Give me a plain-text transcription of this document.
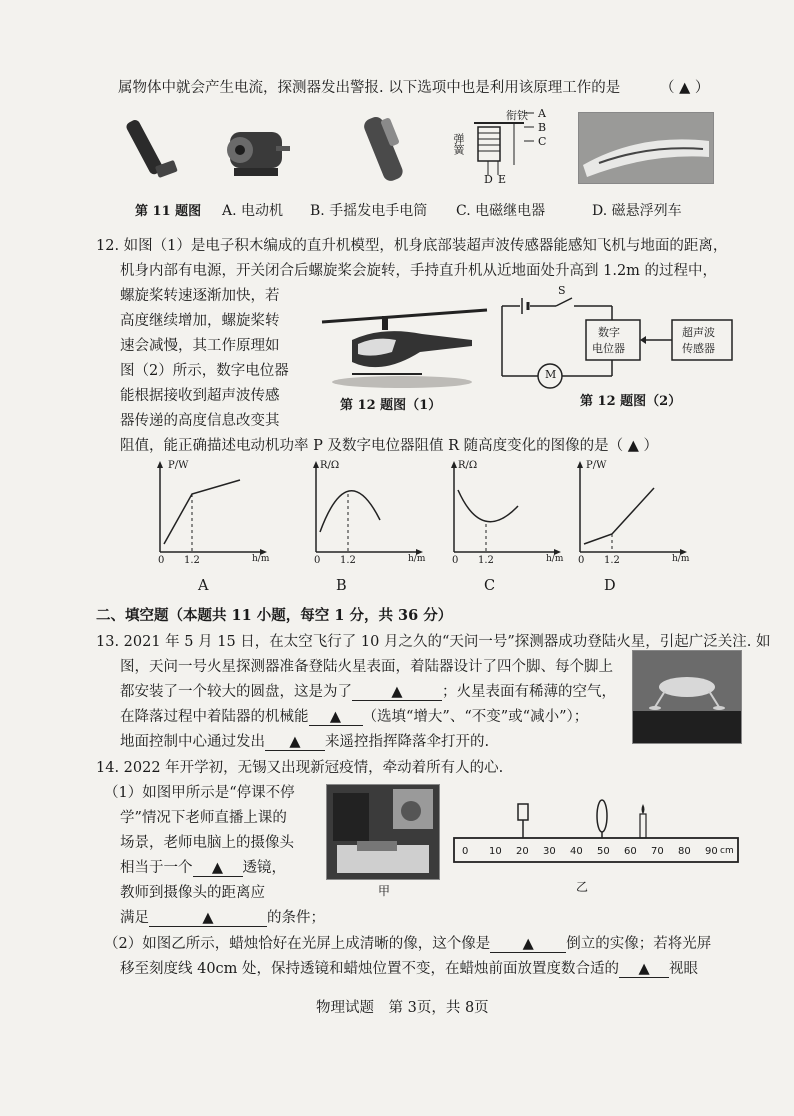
属物体中就会产生电流，探测器发出警报. 以下选项中也是利用该原理工作的是	（ ▲ ）
衔铁
弹簧
A
B
C
D E
第 11 题图 A. 电动机 B. 手摇发电手电筒 C. 电磁继电器	D. 磁悬浮列车
12. 如图（1）是电子积木编成的直升机模型，机身底部装超声波传感器能感知飞机与地面的距离，
机身内部有电源，开关闭合后螺旋桨会旋转，手持直升机从近地面处升高到 1.2m 的过程中，
螺旋桨转速逐渐加快，若
高度继续增加，螺旋桨转
速会减慢，其工作原理如
图（2）所示，数字电位器
能根据接收到超声波传感
器传递的高度信息改变其
阻值，能正确描述电动机功率 P 及数字电位器阻值 R 随高度变化的图像的是（ ▲ ）
第 12 题图（1）
S
数字
电位器
超声波
传感器
M
第 12 题图（2）
P/W
h/m
0 1.2
A
R/Ω
h/m
0 1.2
B
R/Ω
h/m
0 1.2
C
P/W
h/m
0 1.2
D
二、填空题（本题共 11 小题，每空 1 分，共 36 分）
13. 2021 年 5 月 15 日，在太空飞行了 10 月之久的“天问一号”探测器成功登陆火星，引起广泛关注. 如
图，天问一号火星探测器准备登陆火星表面，着陆器设计了四个脚、每个脚上
都安装了一个较大的圆盘，这是为了	▲	；火星表面有稀薄的空气，
在降落过程中着陆器的机械能 ▲ （选填“增大”、“不变”或“减小”）；
地面控制中心通过发出 ▲ 来遥控指挥降落伞打开的.
14. 2022 年开学初，无锡又出现新冠疫情，牵动着所有人的心.
（1）如图甲所示是“停课不停
学”情况下老师直播上课的
场景，老师电脑上的摄像头
相当于一个 ▲ 透镜，
教师到摄像头的距离应
满足	▲	的条件；
甲
0 10 20 30 40 50 60 70 80 90 cm
乙
（2）如图乙所示，蜡烛恰好在光屏上成清晰的像，这个像是 ▲ 倒立的实像；若将光屏
移至刻度线 40cm 处，保持透镜和蜡烛位置不变，在蜡烛前面放置度数合适的 ▲ 视眼
物理试题　第 3页，共 8页
